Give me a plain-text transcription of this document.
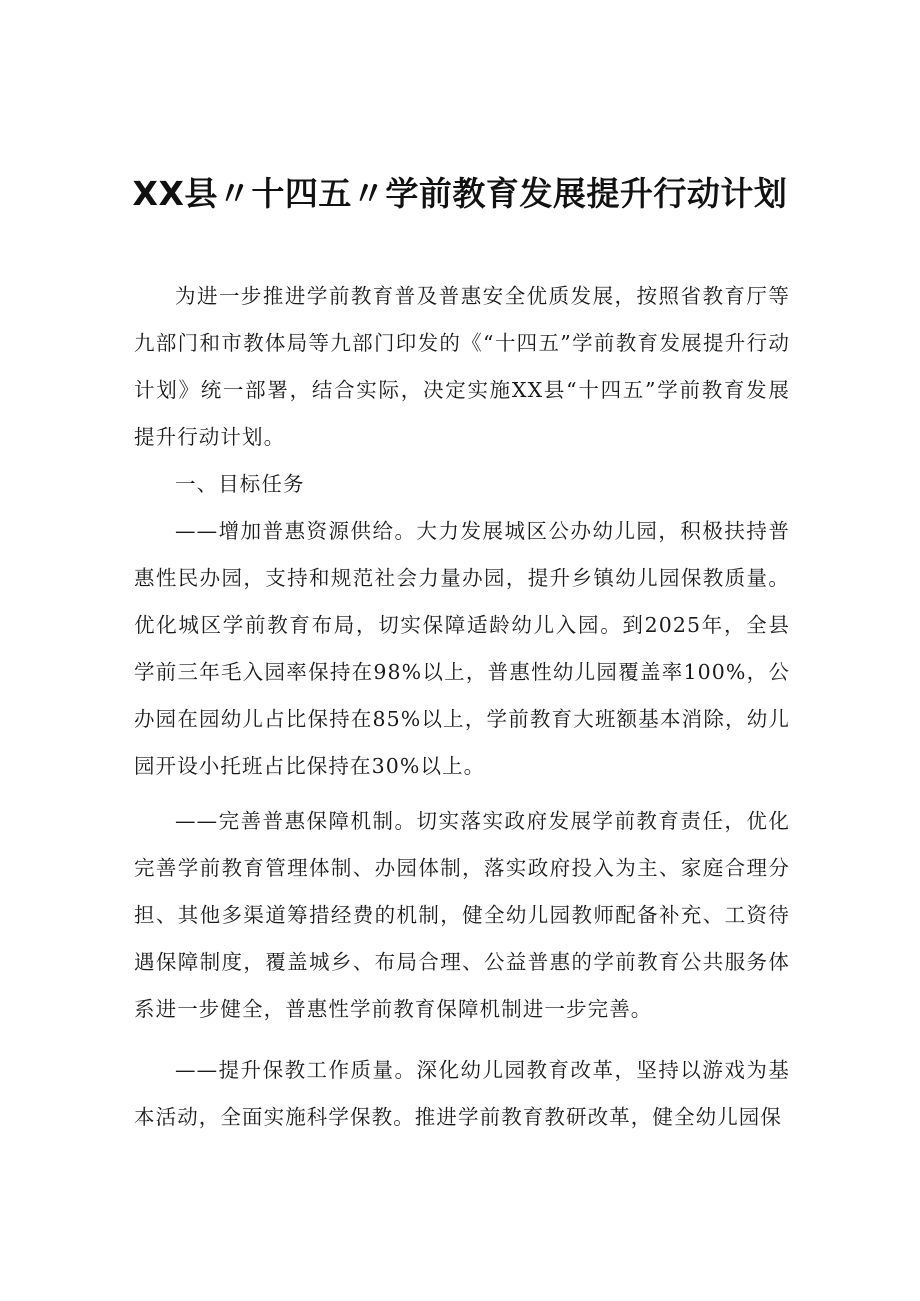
XX县〃十四五〃学前教育发展提升行动计划

为进一步推进学前教育普及普惠安全优质发展，按照省教育厅等九部门和市教体局等九部门印发的《“十四五”学前教育发展提升行动计划》统一部署，结合实际，决定实施XX县“十四五”学前教育发展提升行动计划。

一、目标任务

——增加普惠资源供给。大力发展城区公办幼儿园，积极扶持普惠性民办园，支持和规范社会力量办园，提升乡镇幼儿园保教质量。优化城区学前教育布局，切实保障适龄幼儿入园。到2025年，全县学前三年毛入园率保持在98%以上，普惠性幼儿园覆盖率100%，公办园在园幼儿占比保持在85%以上，学前教育大班额基本消除，幼儿园开设小托班占比保持在30%以上。

——完善普惠保障机制。切实落实政府发展学前教育责任，优化完善学前教育管理体制、办园体制，落实政府投入为主、家庭合理分担、其他多渠道筹措经费的机制，健全幼儿园教师配备补充、工资待遇保障制度，覆盖城乡、布局合理、公益普惠的学前教育公共服务体系进一步健全，普惠性学前教育保障机制进一步完善。

——提升保教工作质量。深化幼儿园教育改革，坚持以游戏为基本活动，全面实施科学保教。推进学前教育教研改革，健全幼儿园保
